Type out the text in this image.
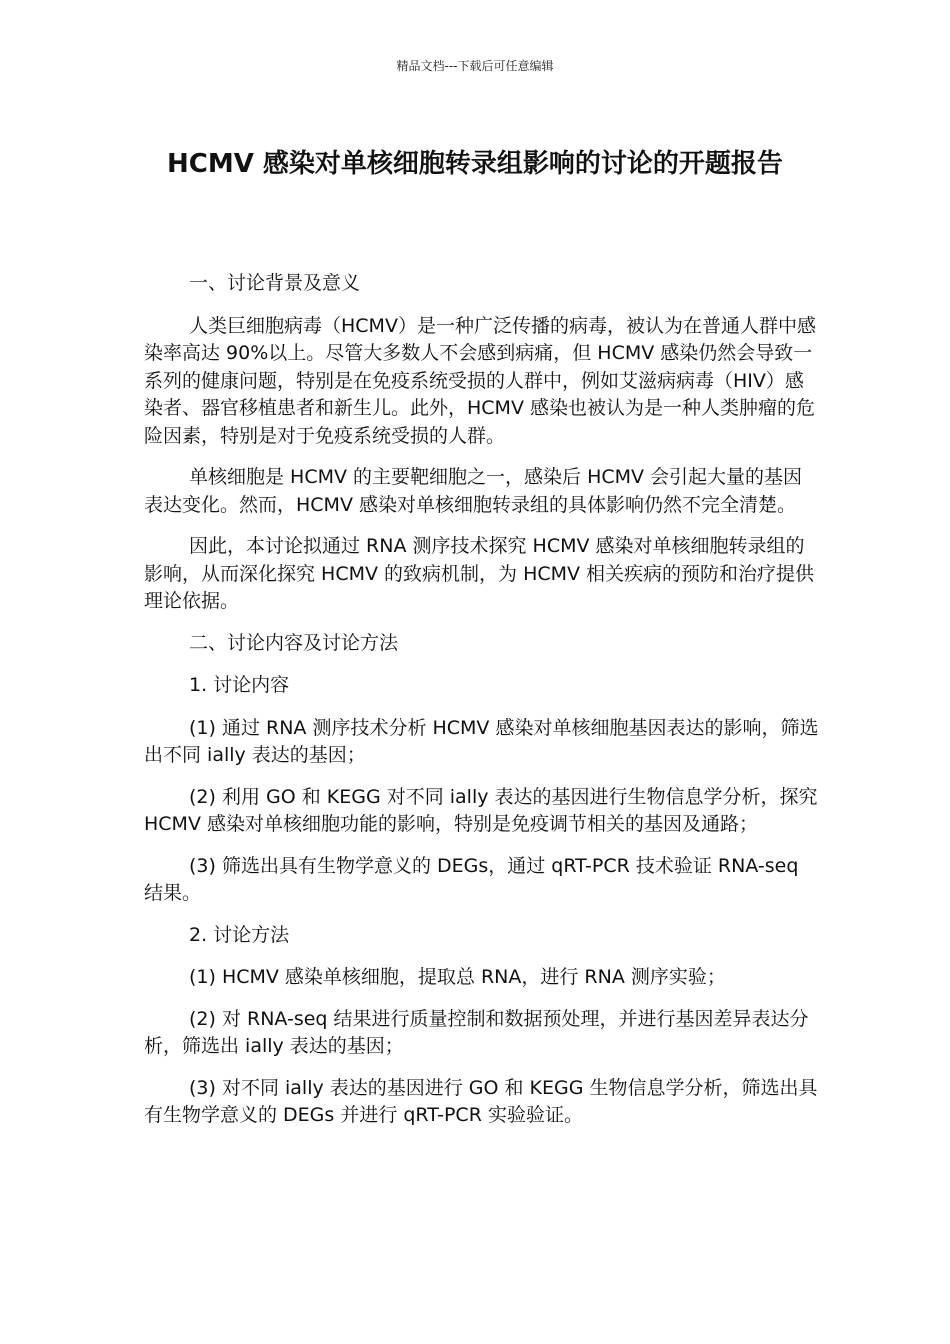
精品文档---下载后可任意编辑
HCMV 感染对单核细胞转录组影响的讨论的开题报告

一、讨论背景及意义

人类巨细胞病毒（HCMV）是一种广泛传播的病毒，被认为在普通人群中感染率高达 90%以上。尽管大多数人不会感到病痛，但 HCMV 感染仍然会导致一系列的健康问题，特别是在免疫系统受损的人群中，例如艾滋病病毒（HIV）感染者、器官移植患者和新生儿。此外，HCMV 感染也被认为是一种人类肿瘤的危险因素，特别是对于免疫系统受损的人群。

单核细胞是 HCMV 的主要靶细胞之一，感染后 HCMV 会引起大量的基因表达变化。然而，HCMV 感染对单核细胞转录组的具体影响仍然不完全清楚。

因此，本讨论拟通过 RNA 测序技术探究 HCMV 感染对单核细胞转录组的影响，从而深化探究 HCMV 的致病机制，为 HCMV 相关疾病的预防和治疗提供理论依据。

二、讨论内容及讨论方法

1. 讨论内容

(1) 通过 RNA 测序技术分析 HCMV 感染对单核细胞基因表达的影响，筛选出不同 ially 表达的基因；

(2) 利用 GO 和 KEGG 对不同 ially 表达的基因进行生物信息学分析，探究 HCMV 感染对单核细胞功能的影响，特别是免疫调节相关的基因及通路；

(3) 筛选出具有生物学意义的 DEGs，通过 qRT-PCR 技术验证 RNA-seq 结果。

2. 讨论方法

(1) HCMV 感染单核细胞，提取总 RNA，进行 RNA 测序实验；

(2) 对 RNA-seq 结果进行质量控制和数据预处理，并进行基因差异表达分析，筛选出 ially 表达的基因；

(3) 对不同 ially 表达的基因进行 GO 和 KEGG 生物信息学分析，筛选出具有生物学意义的 DEGs 并进行 qRT-PCR 实验验证。
